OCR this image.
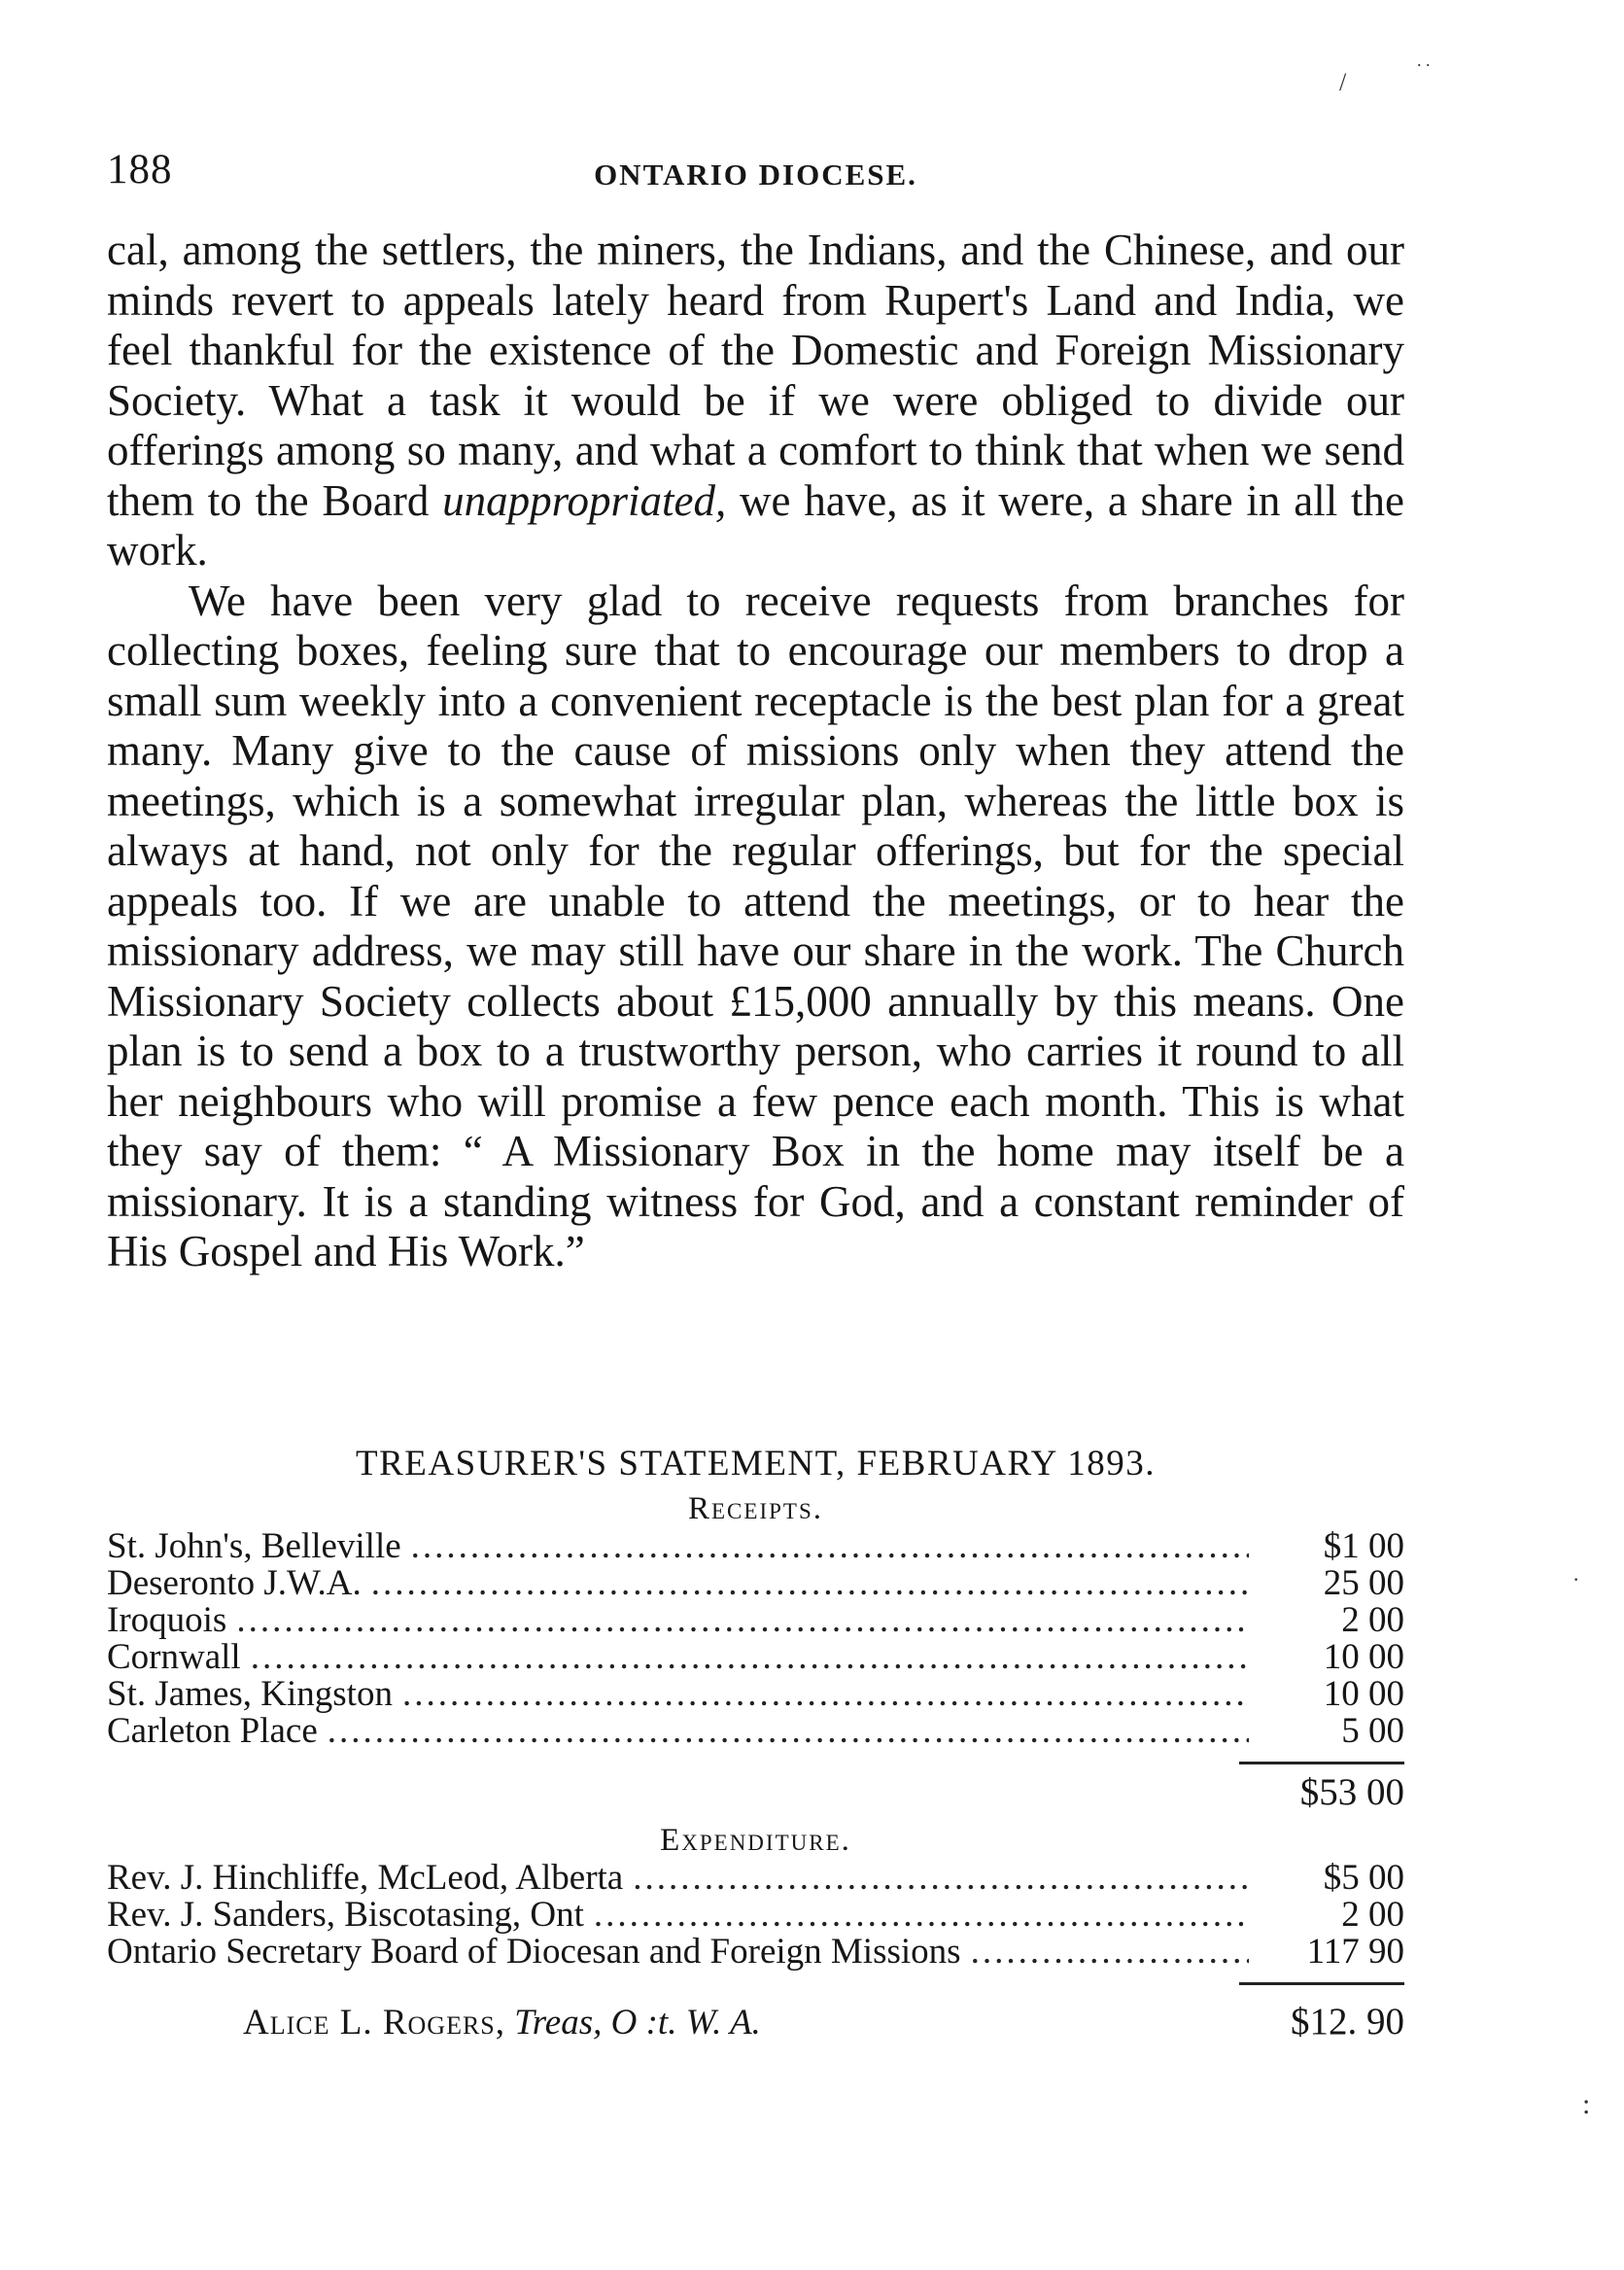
/
. .
·
:
188	ONTARIO DIOCESE.

cal, among the settlers, the miners, the Indians, and the Chinese, and our minds revert to appeals lately heard from Rupert's Land and India, we feel thankful for the existence of the Domestic and Foreign Missionary Society. What a task it would be if we were obliged to divide our offerings among so many, and what a comfort to think that when we send them to the Board unappropriated, we have, as it were, a share in all the work.

We have been very glad to receive requests from branches for collecting boxes, feeling sure that to encourage our members to drop a small sum weekly into a convenient receptacle is the best plan for a great many. Many give to the cause of missions only when they attend the meetings, which is a somewhat irregular plan, whereas the little box is always at hand, not only for the regular offerings, but for the special appeals too. If we are unable to attend the meetings, or to hear the missionary address, we may still have our share in the work. The Church Missionary Society collects about £15,000 annually by this means. One plan is to send a box to a trustworthy person, who carries it round to all her neighbours who will promise a few pence each month. This is what they say of them: “ A Missionary Box in the home may itself be a missionary. It is a standing witness for God, and a constant reminder of His Gospel and His Work.”

TREASURER'S STATEMENT, FEBRUARY 1893.
Receipts.
St. John's, Belleville .....	$1 00
Deseronto J.W.A. .....	25 00
Iroquois .....	2 00
Cornwall .....	10 00
St. James, Kingston .....	10 00
Carleton Place .....	5 00
$53 00
Expenditure.
Rev. J. Hinchliffe, McLeod, Alberta .....	$5 00
Rev. J. Sanders, Biscotasing, Ont .....	2 00
Ontario Secretary Board of Diocesan and Foreign Missions .....	117 90
Alice L. Rogers, Treas, O :t. W. A.	$12. 90
